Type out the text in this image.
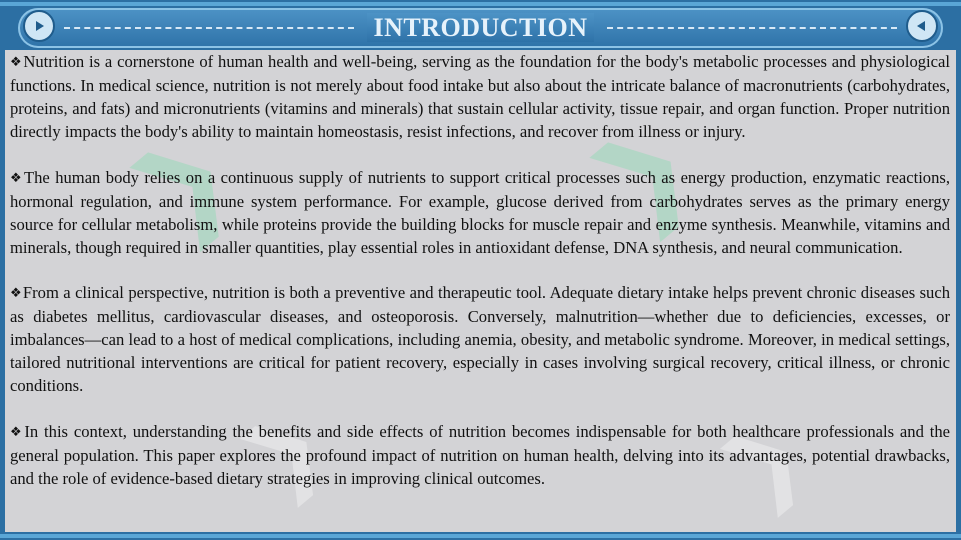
INTRODUCTION
❯	❯
❯	❯

❖Nutrition is a cornerstone of human health and well-being, serving as the foundation for the body's metabolic processes and physiological functions. In medical science, nutrition is not merely about food intake but also about the intricate balance of macronutrients (carbohydrates, proteins, and fats) and micronutrients (vitamins and minerals) that sustain cellular activity, tissue repair, and organ function. Proper nutrition directly impacts the body's ability to maintain homeostasis, resist infections, and recover from illness or injury.

❖The human body relies on a continuous supply of nutrients to support critical processes such as energy production, enzymatic reactions, hormonal regulation, and immune system performance. For example, glucose derived from carbohydrates serves as the primary energy source for cellular metabolism, while proteins provide the building blocks for muscle repair and enzyme synthesis. Meanwhile, vitamins and minerals, though required in smaller quantities, play essential roles in antioxidant defense, DNA synthesis, and neural communication.

❖From a clinical perspective, nutrition is both a preventive and therapeutic tool. Adequate dietary intake helps prevent chronic diseases such as diabetes mellitus, cardiovascular diseases, and osteoporosis. Conversely, malnutrition—whether due to deficiencies, excesses, or imbalances—can lead to a host of medical complications, including anemia, obesity, and metabolic syndrome. Moreover, in medical settings, tailored nutritional interventions are critical for patient recovery, especially in cases involving surgical recovery, critical illness, or chronic conditions.

❖In this context, understanding the benefits and side effects of nutrition becomes indispensable for both healthcare professionals and the general population. This paper explores the profound impact of nutrition on human health, delving into its advantages, potential drawbacks, and the role of evidence-based dietary strategies in improving clinical outcomes.
